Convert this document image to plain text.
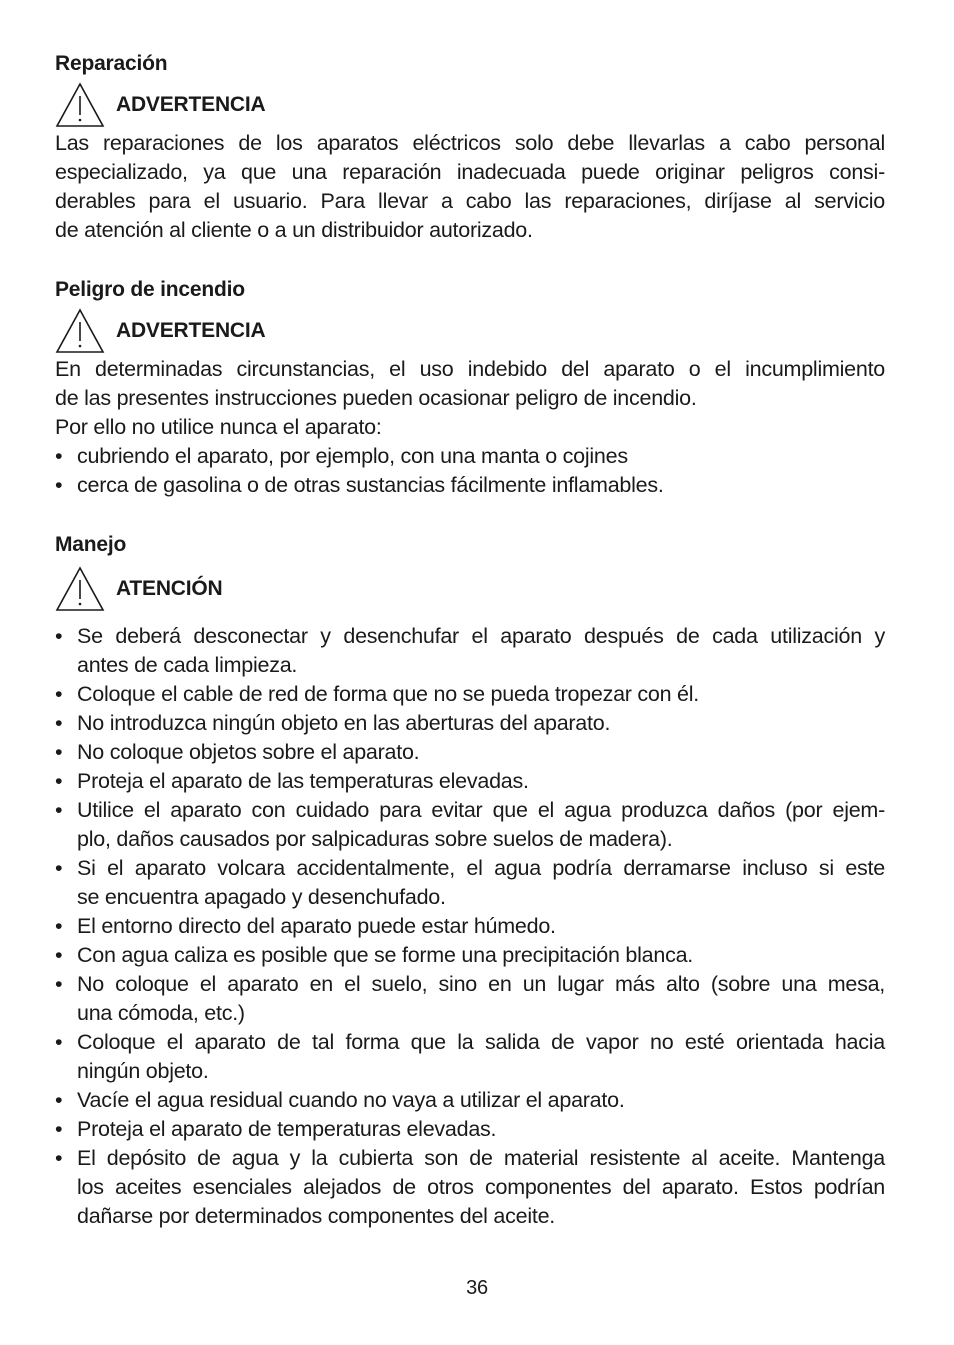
Reparación
ADVERTENCIA
Las reparaciones de los aparatos eléctricos solo debe llevarlas a cabo personal
especializado, ya que una reparación inadecuada puede originar peligros consi-
derables para el usuario. Para llevar a cabo las reparaciones, diríjase al servicio
de atención al cliente o a un distribuidor autorizado.
Peligro de incendio
ADVERTENCIA
En determinadas circunstancias, el uso indebido del aparato o el incumplimiento
de las presentes instrucciones pueden ocasionar peligro de incendio.

Por ello no utilice nunca el aparato:

• cubriendo el aparato, por ejemplo, con una manta o cojines
• cerca de gasolina o de otras sustancias fácilmente inflamables.
Manejo
ATENCIÓN
• Se deberá desconectar y desenchufar el aparato después de cada utilización y
antes de cada limpieza.
• Coloque el cable de red de forma que no se pueda tropezar con él.
• No introduzca ningún objeto en las aberturas del aparato.
• No coloque objetos sobre el aparato.
• Proteja el aparato de las temperaturas elevadas.
• Utilice el aparato con cuidado para evitar que el agua produzca daños (por ejem-
plo, daños causados por salpicaduras sobre suelos de madera).
• Si el aparato volcara accidentalmente, el agua podría derramarse incluso si este
se encuentra apagado y desenchufado.
• El entorno directo del aparato puede estar húmedo.
• Con agua caliza es posible que se forme una precipitación blanca.
• No coloque el aparato en el suelo, sino en un lugar más alto (sobre una mesa,
una cómoda, etc.)
• Coloque el aparato de tal forma que la salida de vapor no esté orientada hacia
ningún objeto.
• Vacíe el agua residual cuando no vaya a utilizar el aparato.
• Proteja el aparato de temperaturas elevadas.
• El depósito de agua y la cubierta son de material resistente al aceite. Mantenga
los aceites esenciales alejados de otros componentes del aparato. Estos podrían
dañarse por determinados componentes del aceite.
36
